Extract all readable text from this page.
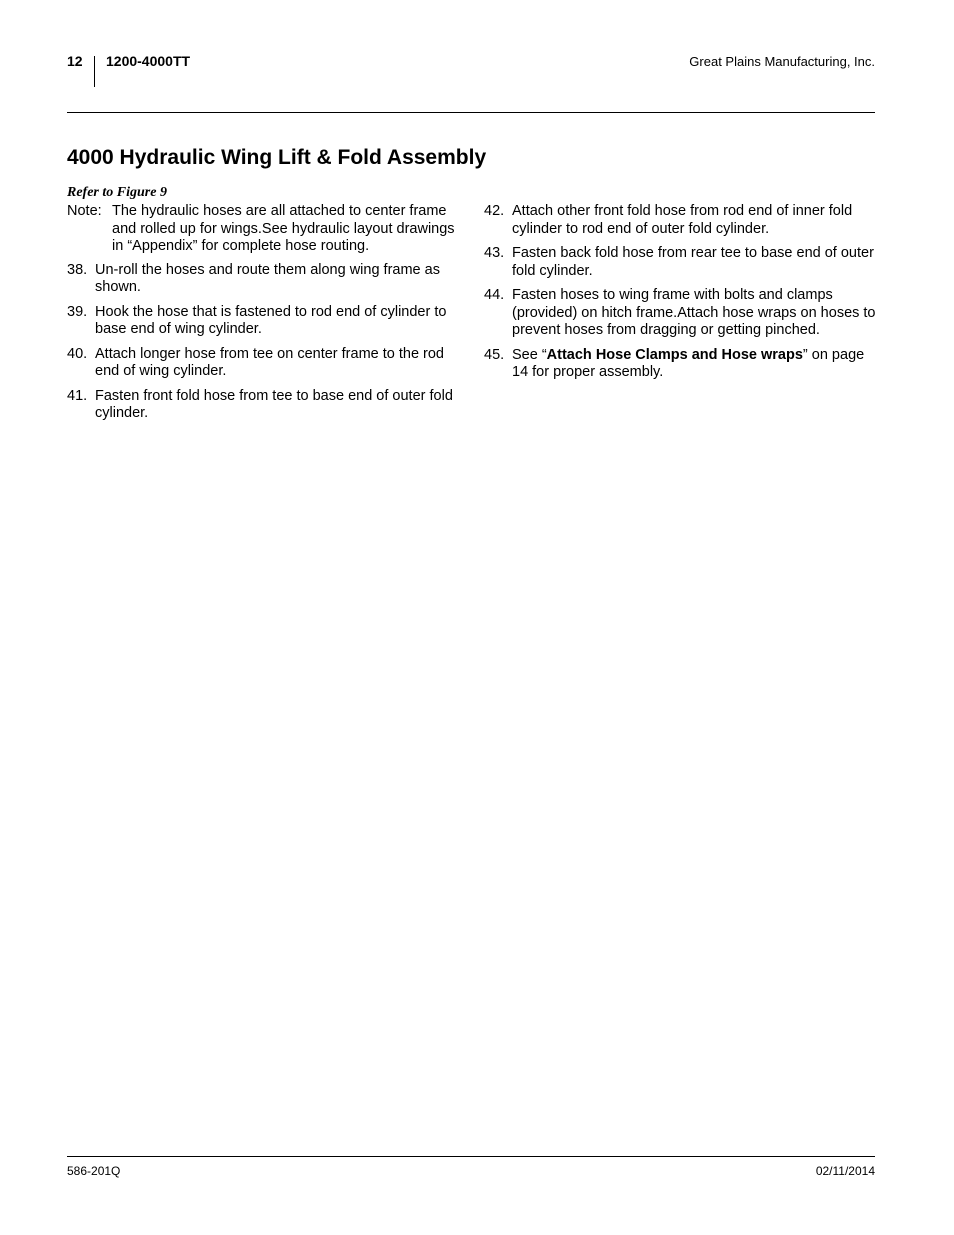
12 1200-4000TT	Great Plains Manufacturing, Inc.
4000 Hydraulic Wing Lift & Fold Assembly
Refer to Figure 9
Note: The hydraulic hoses are all attached to center frame and rolled up for wings.See hydraulic layout drawings in “Appendix” for complete hose routing.
38. Un-roll the hoses and route them along wing frame as shown.
39. Hook the hose that is fastened to rod end of cylinder to base end of wing cylinder.
40. Attach longer hose from tee on center frame to the rod end of wing cylinder.
41. Fasten front fold hose from tee to base end of outer fold cylinder.
42. Attach other front fold hose from rod end of inner fold cylinder to rod end of outer fold cylinder.
43. Fasten back fold hose from rear tee to base end of outer fold cylinder.
44. Fasten hoses to wing frame with bolts and clamps (provided) on hitch frame.Attach hose wraps on hoses to prevent hoses from dragging or getting pinched.
45. See “Attach Hose Clamps and Hose wraps” on page 14 for proper assembly.
586-201Q	02/11/2014
